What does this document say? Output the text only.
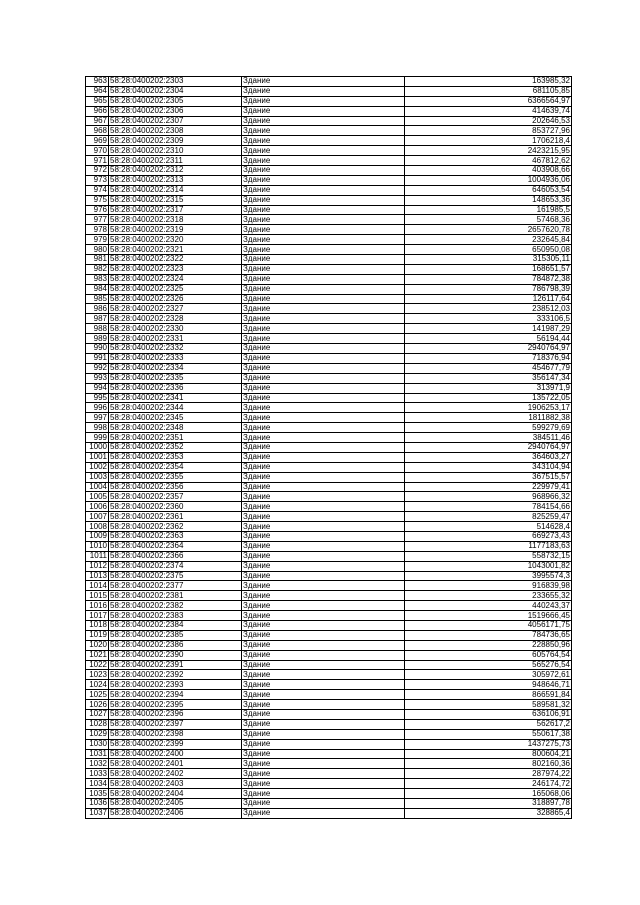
963	58:28:0400202:2303	Здание	163985,32
964	58:28:0400202:2304	Здание	681105,85
965	58:28:0400202:2305	Здание	6366564,97
966	58:28:0400202:2306	Здание	414639,74
967	58:28:0400202:2307	Здание	202646,53
968	58:28:0400202:2308	Здание	853727,96
969	58:28:0400202:2309	Здание	1706218,4
970	58:28:0400202:2310	Здание	2423215,95
971	58:28:0400202:2311	Здание	467812,62
972	58:28:0400202:2312	Здание	403908,66
973	58:28:0400202:2313	Здание	1004936,06
974	58:28:0400202:2314	Здание	646053,54
975	58:28:0400202:2315	Здание	148653,36
976	58:28:0400202:2317	Здание	161985,5
977	58:28:0400202:2318	Здание	57468,36
978	58:28:0400202:2319	Здание	2657620,78
979	58:28:0400202:2320	Здание	232645,84
980	58:28:0400202:2321	Здание	650950,08
981	58:28:0400202:2322	Здание	315305,11
982	58:28:0400202:2323	Здание	168651,57
983	58:28:0400202:2324	Здание	784872,38
984	58:28:0400202:2325	Здание	786798,39
985	58:28:0400202:2326	Здание	126117,64
986	58:28:0400202:2327	Здание	238512,03
987	58:28:0400202:2328	Здание	333106,5
988	58:28:0400202:2330	Здание	141987,29
989	58:28:0400202:2331	Здание	56194,44
990	58:28:0400202:2332	Здание	2940764,97
991	58:28:0400202:2333	Здание	718376,94
992	58:28:0400202:2334	Здание	454677,79
993	58:28:0400202:2335	Здание	356147,34
994	58:28:0400202:2336	Здание	313971,9
995	58:28:0400202:2341	Здание	135722,05
996	58:28:0400202:2344	Здание	1906253,17
997	58:28:0400202:2345	Здание	1811882,38
998	58:28:0400202:2348	Здание	599279,69
999	58:28:0400202:2351	Здание	384511,46
1000	58:28:0400202:2352	Здание	2940764,97
1001	58:28:0400202:2353	Здание	364603,27
1002	58:28:0400202:2354	Здание	343104,94
1003	58:28:0400202:2355	Здание	367515,57
1004	58:28:0400202:2356	Здание	229979,41
1005	58:28:0400202:2357	Здание	968966,32
1006	58:28:0400202:2360	Здание	784154,66
1007	58:28:0400202:2361	Здание	825259,47
1008	58:28:0400202:2362	Здание	514628,4
1009	58:28:0400202:2363	Здание	669273,43
1010	58:28:0400202:2364	Здание	1177183,63
1011	58:28:0400202:2366	Здание	558732,15
1012	58:28:0400202:2374	Здание	1043001,82
1013	58:28:0400202:2375	Здание	3995574,3
1014	58:28:0400202:2377	Здание	916839,98
1015	58:28:0400202:2381	Здание	233655,32
1016	58:28:0400202:2382	Здание	440243,37
1017	58:28:0400202:2383	Здание	1519666,45
1018	58:28:0400202:2384	Здание	4056171,75
1019	58:28:0400202:2385	Здание	784736,65
1020	58:28:0400202:2386	Здание	228850,96
1021	58:28:0400202:2390	Здание	605764,54
1022	58:28:0400202:2391	Здание	565276,54
1023	58:28:0400202:2392	Здание	305972,61
1024	58:28:0400202:2393	Здание	948646,71
1025	58:28:0400202:2394	Здание	866591,84
1026	58:28:0400202:2395	Здание	589581,32
1027	58:28:0400202:2396	Здание	636106,91
1028	58:28:0400202:2397	Здание	562617,2
1029	58:28:0400202:2398	Здание	550617,38
1030	58:28:0400202:2399	Здание	1437275,73
1031	58:28:0400202:2400	Здание	800604,21
1032	58:28:0400202:2401	Здание	802160,36
1033	58:28:0400202:2402	Здание	287974,22
1034	58:28:0400202:2403	Здание	246174,72
1035	58:28:0400202:2404	Здание	165068,06
1036	58:28:0400202:2405	Здание	318897,78
1037	58:28:0400202:2406	Здание	328865,4
